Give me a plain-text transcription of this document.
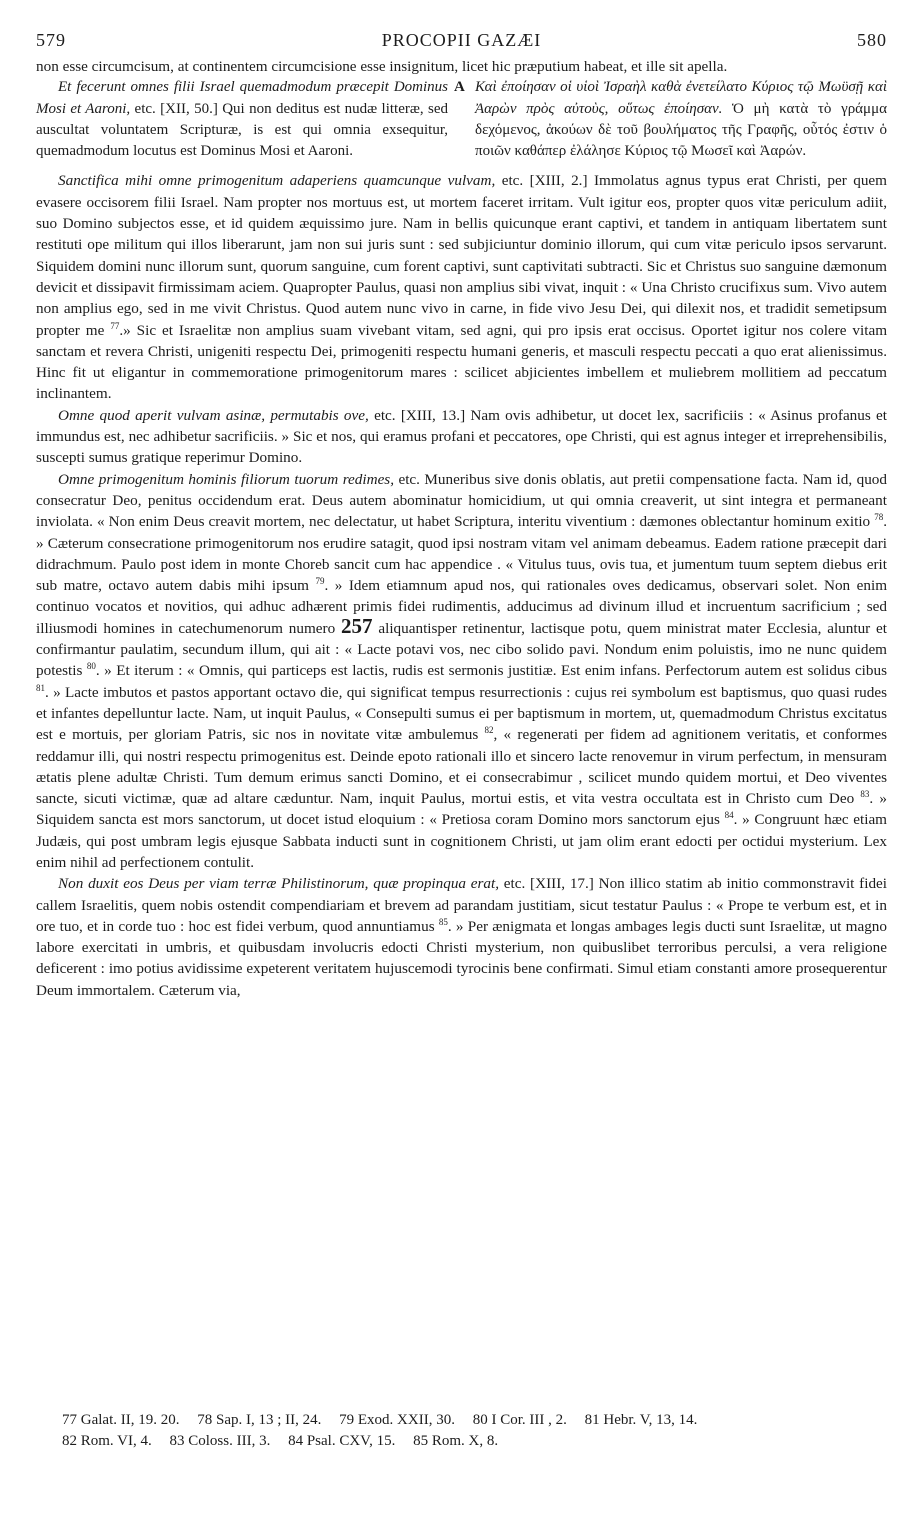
579	PROCOPII GAZÆI	580

non esse circumcisum, at continentem circumcisione esse insignitum, licet hic præputium habeat, et ille sit apella.

Et fecerunt omnes filii Israel quemadmodum præcepit Dominus Mosi et Aaroni, etc. [XII, 50.] Qui non deditus est nudæ litteræ, sed auscultat voluntatem Scripturæ, is est qui omnia exsequitur, quemadmodum locutus est Dominus Mosi et Aaroni.
A Καὶ ἐποίησαν οἱ υἱοὶ Ἰσραὴλ καθὰ ἐνετείλατο Κύριος τῷ Μωϋσῇ καὶ Ἀαρὼν πρὸς αὐτοὺς, οὕτως ἐποίησαν. Ὁ μὴ κατὰ τὸ γράμμα δεχόμενος, ἀκούων δὲ τοῦ βουλήματος τῆς Γραφῆς, οὗτός ἐστιν ὁ ποιῶν καθάπερ ἐλάλησε Κύριος τῷ Μωσεῖ καὶ Ἀαρών.

Sanctifica mihi omne primogenitum adaperiens quamcunque vulvam, etc. [XIII, 2.] Immolatus agnus typus erat Christi, per quem evasere occisorem filii Israel. Nam propter nos mortuus est, ut mortem faceret irritam. Vult igitur eos, propter quos vitæ periculum adiit, suo Domino subjectos esse, et id quidem æquissimo jure. Nam in bellis quicunque erant captivi, et tandem in antiquam libertatem sunt restituti ope militum qui illos liberarunt, jam non sui juris sunt : sed subjiciuntur dominio illorum, qui cum vitæ periculo ipsos servarunt. Siquidem domini nunc illorum sunt, quorum sanguine, cum forent captivi, sunt captivitati subtracti. Sic et Christus suo sanguine dæmonum devicit et dissipavit firmissimam aciem. Quapropter Paulus, quasi non amplius sibi vivat, inquit : « Una Christo crucifixus sum. Vivo autem non amplius ego, sed in me vivit Christus. Quod autem nunc vivo in carne, in fide vivo Jesu Dei, qui dilexit nos, et tradidit semetipsum propter me $^{77}$.» Sic et Israelitæ non amplius suam vivebant vitam, sed agni, qui pro ipsis erat occisus. Oportet igitur nos colere vitam sanctam et revera Christi, unigeniti respectu Dei, primogeniti respectu humani generis, et masculi respectu peccati a quo erat alienissimus. Hinc fit ut eligantur in commemoratione primogenitorum mares : scilicet abjicientes imbellem et muliebrem mollitiem ad peccatum inclinantem.

Omne quod aperit vulvam asinæ, permutabis ove, etc. [XIII, 13.] Nam ovis adhibetur, ut docet lex, sacrificiis : « Asinus profanus et immundus est, nec adhibetur sacrificiis. » Sic et nos, qui eramus profani et peccatores, ope Christi, qui est agnus integer et irreprehensibilis, suscepti sumus gratique reperimur Domino.

Omne primogenitum hominis filiorum tuorum redimes, etc. Muneribus sive donis oblatis, aut pretii compensatione facta. Nam id, quod consecratur Deo, penitus occidendum erat. Deus autem abominatur homicidium, ut qui omnia creaverit, ut sint integra et permaneant inviolata. « Non enim Deus creavit mortem, nec delectatur, ut habet Scriptura, interitu viventium : dæmones oblectantur hominum exitio $^{78}$. » Cæterum consecratione primogenitorum nos erudire satagit, quod ipsi nostram vitam vel animam debeamus. Eadem ratione præcepit dari didrachmum. Paulo post idem in monte Choreb sancit cum hac appendice . « Vitulus tuus, ovis tua, et jumentum tuum septem diebus erit sub matre, octavo autem dabis mihi ipsum $^{79}$. » Idem etiamnum apud nos, qui rationales oves dedicamus, observari solet. Non enim continuo vocatos et novitios, qui adhuc adhærent primis fidei rudimentis, adducimus ad divinum illud et incruentum sacrificium ; sed illiusmodi homines in catechumenorum numero 257 aliquantisper retinentur, lactisque potu, quem ministrat mater Ecclesia, aluntur et confirmantur paulatim, secundum illum, qui ait : « Lacte potavi vos, nec cibo solido pavi. Nondum enim poluistis, imo ne nunc quidem potestis $^{80}$. » Et iterum : « Omnis, qui particeps est lactis, rudis est sermonis justitiæ. Est enim infans. Perfectorum autem est solidus cibus $^{81}$. » Lacte imbutos et pastos apportant octavo die, qui significat tempus resurrectionis : cujus rei symbolum est baptismus, quo quasi rudes et infantes depelluntur lacte. Nam, ut inquit Paulus, « Consepulti sumus ei per baptismum in mortem, ut, quemadmodum Christus excitatus est e mortuis, per gloriam Patris, sic nos in novitate vitæ ambulemus $^{82}$, « regenerati per fidem ad agnitionem veritatis, et conformes reddamur illi, qui nostri respectu primogenitus est. Deinde epoto rationali illo et sincero lacte renovemur in virum perfectum, in mensuram ætatis plene adultæ Christi. Tum demum erimus sancti Domino, et ei consecrabimur , scilicet mundo quidem mortui, et Deo viventes sancte, sicuti victimæ, quæ ad altare cæduntur. Nam, inquit Paulus, mortui estis, et vita vestra occultata est in Christo cum Deo $^{83}$. » Siquidem sancta est mors sanctorum, ut docet istud eloquium : « Pretiosa coram Domino mors sanctorum ejus $^{84}$. » Congruunt hæc etiam Judæis, qui post umbram legis ejusque Sabbata inducti sunt in cognitionem Christi, ut jam olim erant edocti per octidui mysterium. Lex enim nihil ad perfectionem contulit.

Non duxit eos Deus per viam terræ Philistinorum, quæ propinqua erat, etc. [XIII, 17.] Non illico statim ab initio commonstravit fidei callem Israelitis, quem nobis ostendit compendiariam et brevem ad parandam justitiam, sicut testatur Paulus : « Prope te verbum est, et in ore tuo, et in corde tuo : hoc est fidei verbum, quod annuntiamus $^{85}$. » Per ænigmata et longas ambages legis ducti sunt Israelitæ, ut magno labore exercitati in umbris, et quibusdam involucris edocti Christi mysterium, non quibuslibet terroribus perculsi, a vera religione deficerent : imo potius avidissime expeterent veritatem hujuscemodi tyrocinis bene confirmati. Simul etiam constanti amore prosequerentur Deum immortalem. Cæterum via,

77 Galat. II, 19. 20. 78 Sap. I, 13 ; II, 24. 79 Exod. XXII, 30. 80 I Cor. III , 2. 81 Hebr. V, 13, 14.
82 Rom. VI, 4. 83 Coloss. III, 3. 84 Psal. CXV, 15. 85 Rom. X, 8.
